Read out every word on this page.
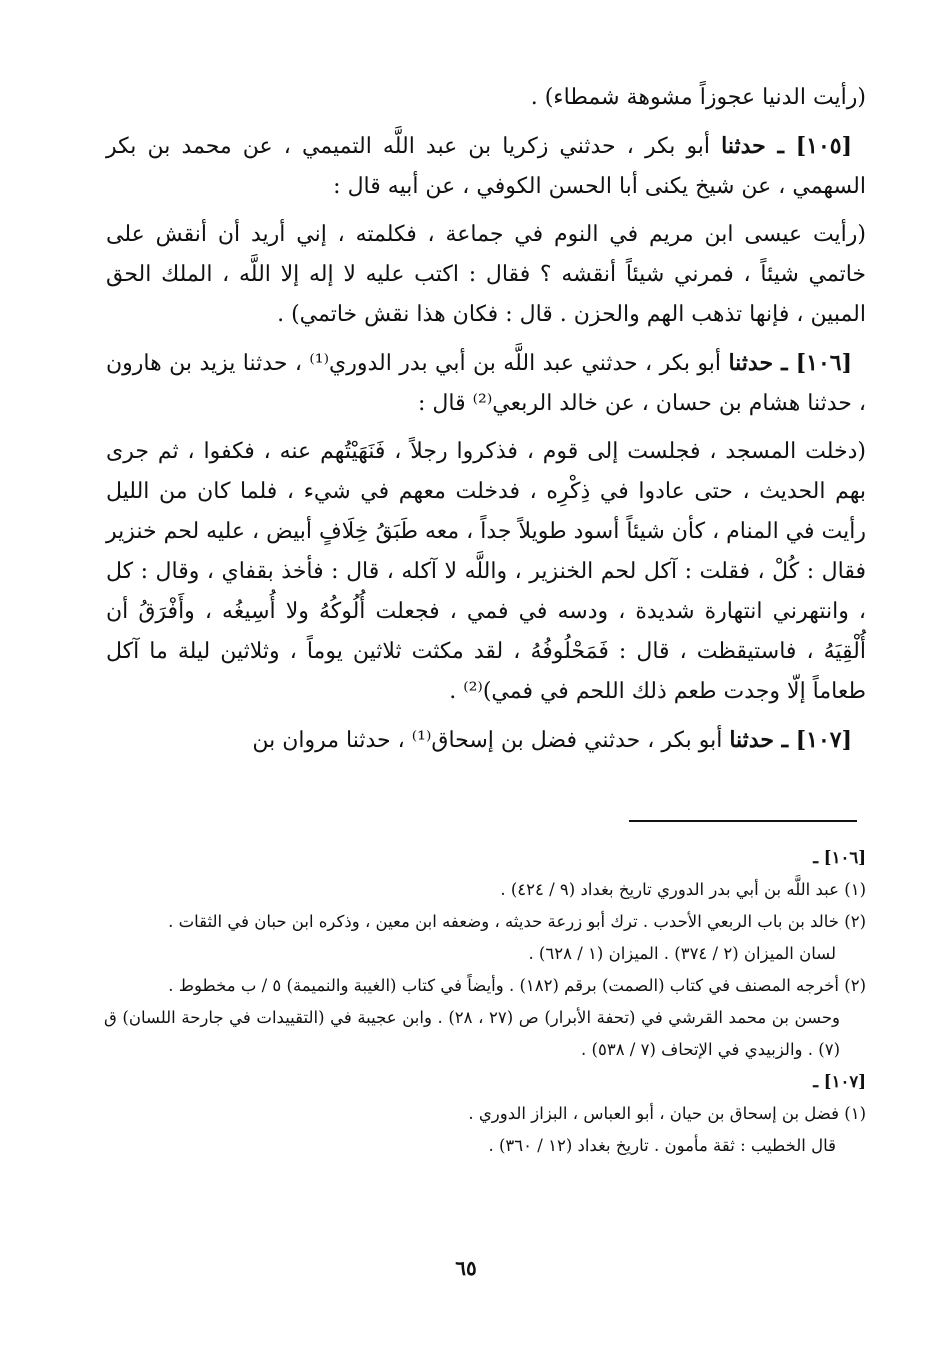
(رأيت الدنيا عجوزاً مشوهة شمطاء) .

[١٠٥] ـ حدثنا أبو بكر ، حدثني زكريا بن عبد اللَّه التميمي ، عن محمد بن بكر السهمي ، عن شيخ يكنى أبا الحسن الكوفي ، عن أبيه قال :

(رأيت عيسى ابن مريم في النوم في جماعة ، فكلمته ، إني أريد أن أنقش على خاتمي شيئاً ، فمرني شيئاً أنقشه ؟ فقال : اكتب عليه لا إله إلا اللَّه ، الملك الحق المبين ، فإنها تذهب الهم والحزن . قال : فكان هذا نقش خاتمي) .

[١٠٦] ـ حدثنا أبو بكر ، حدثني عبد اللَّه بن أبي بدر الدوري⁽¹⁾ ، حدثنا يزيد بن هارون ، حدثنا هشام بن حسان ، عن خالد الربعي⁽²⁾ قال :

(دخلت المسجد ، فجلست إلى قوم ، فذكروا رجلاً ، فَنَهَيْتُهم عنه ، فكفوا ، ثم جرى بهم الحديث ، حتى عادوا في ذِكْرِه ، فدخلت معهم في شيء ، فلما كان من الليل رأيت في المنام ، كأن شيئاً أسود طويلاً جداً ، معه طَبَقُ خِلَافٍ أبيض ، عليه لحم خنزير فقال : كُلْ ، فقلت : آكل لحم الخنزير ، واللَّه لا آكله ، قال : فأخذ بقفاي ، وقال : كل ، وانتهرني انتهارة شديدة ، ودسه في فمي ، فجعلت أُلُوكُهُ ولا أُسِيغُه ، وأَفْرَقُ أن أُلْقِيَهُ ، فاستيقظت ، قال : فَمَحْلُوفُهُ ، لقد مكثت ثلاثين يوماً ، وثلاثين ليلة ما آكل طعاماً إلّا وجدت طعم ذلك اللحم في فمي)⁽²⁾ .

[١٠٧] ـ حدثنا أبو بكر ، حدثني فضل بن إسحاق⁽¹⁾ ، حدثنا مروان بن

[١٠٦] ـ

(١) عبد اللَّه بن أبي بدر الدوري تاريخ بغداد (٩ / ٤٢٤) .

(٢) خالد بن باب الربعي الأحدب . ترك أبو زرعة حديثه ، وضعفه ابن معين ، وذكره ابن حبان في الثقات .

لسان الميزان (٢ / ٣٧٤) . الميزان (١ / ٦٢٨) .

(٢) أخرجه المصنف في كتاب (الصمت) برقم (١٨٢) . وأيضاً في كتاب (الغيبة والنميمة) ٥ / ب مخطوط .

وحسن بن محمد القرشي في (تحفة الأبرار) ص (٢٧ ، ٢٨) . وابن عجيبة في (التقييدات في جارحة اللسان) ق (٧) . والزبيدي في الإتحاف (٧ / ٥٣٨) .

[١٠٧] ـ

(١) فضل بن إسحاق بن حيان ، أبو العباس ، البزاز الدوري .

قال الخطيب : ثقة مأمون . تاريخ بغداد (١٢ / ٣٦٠) .

٦٥
